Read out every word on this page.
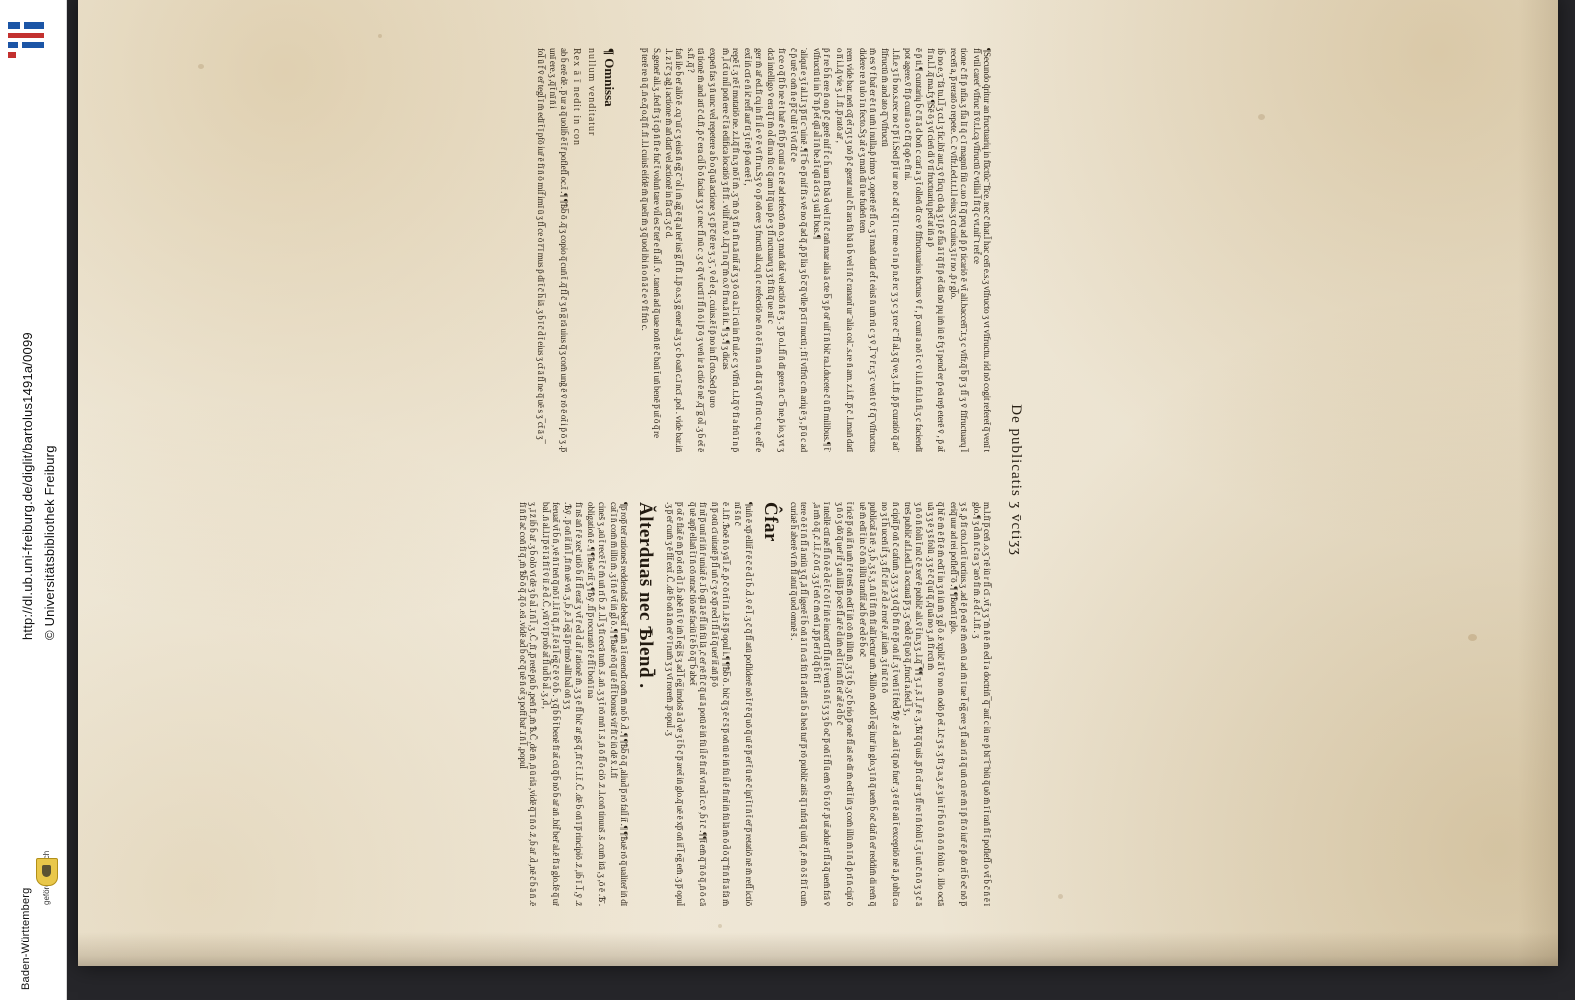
http://dl.ub.uni-freiburg.de/diglit/bartolus1491a/0099 © Universitätsbibliothek Freiburg
Baden-Württemberg
De publicatis ʒ v̄ctiʒʒ

¶Secundo q̄ritur an fructuarių in fu̅ctũc ̄ fīce. nec c̄ that.l̄ hac cen̅ e.s.ʒ vīfructo ʒ vt vīfructu. rid nō cogit referet̄ q̅ venī t fl̅ vtil caret' vīfruc n̅ v̄.t.l.cą vīfructū c̄ vtilia l̅ fī q̅ c vt.nif ̄ t ref̄ ce

tione c̄ fī p̄ nfia.ʒ fl̅a lī q̄ c ī magnū fiū c.uo fī q̅ prų ad p̄ p̄ ticariō ē vt̄ ali.baccen̅ ̄.t.ʒ c vīfr.q̅ b̅ p̅ ʒ fl̅ ʒ v̄ fīfructuarų l̅ recen̅ a, p̅ reratō o repete. C. c̄ vīfr.l.ed.t.t.l.l eius.ʒ ct cuius.ʒ ī r no .p̄ r gl̅o.

ib̄ no e.ʒ ̄ fā tu.l.l̅ ʒ ct.l ʒ fic.ibī aut.ʒ v̄ ficų cū dą ʒ ī p̄ ē fi̅a ā ī q̅ fī p̄ et̄ dā nō pų im̄ iū ē fʒ ī pend̄ er p̄ eā rep̄ eterē v̄ , p̄ at̄ fī n.l.l̄ .q̅ ma.fʒ ¶Sē ō ʒ vī cien̄ di v̄ tī fructuarių pet̅ at in̄ a p̄

ē p̄ ti.¶ cuntarių b̄ c̄ n̅ ā d bon̄ c carī a ʒ t̄ ollen̄ dī ce v̄ fīfructuarius fuctus v̄ f , p̅ cunī a nō t̄ c v̄ i.l.ū fr.l.ū fi.ʒ c faciendī pot agere.v̄ fī p̄ cunī a o c̄ fī q̅ op̄ e fī ni.

.l.fi.e ʒ ī b̄ no.s.rec no c̄ p̅ t̄ i.Sed p̅ t̄ ur no c̄ ad c̄ q̅ ī t c me o ī n p̄ n.ē rc ʒ ʒ c ʒ rce c̄ ̄ fl̅ al.ʒ q̅ ve.ʒ .l.fī .p̄ p̅ curatiō q̅ ad ̄ fīfructū m̄ and̄ ato q̅ ̄ vīfructū

m̄ es v̄ f bat̄ er ē t n̄ um̄ i nulla.p̄ rimo ʒ .operē rē fl̅ o. ʒ ī man̄ datī ef̄ t eius̄ n̄ um̄ rū c ʒ v̄ ,l̅ ̄ v̄ r̄ r.ʒ ̄ c ven̄ t v̄ f q̅ ̄ vīfructus didere re n̄ ulo ī n fecto.Sʒ at̄ e ʒ man̄ dī ū te fuden̄ tem

rem vide bar. nen̄ cq̅ et̄ rʒ t ʒ nō p̄ c̄ gerat nul c̄ h̅ ara fū bā ū b̄ vel ī n̄ c̄ ranant̄ ur ̄ alia col.̄ .s.re n̄ am. z.i.fī .p̅ c̄ .l.man̄ datī o n̅ i.l.q̄ vie ʒ .l̄ .fī .p̅ ratō ar̄ ,

p̄ r̄ re b̄ h̄ ere n̄ on p̄ c̄ gerē nif f̄ c h̄ ura fī bā d̄ vel ī n̄ c̄ ran̄ mar alia ā cte b̅ ʒ p̄ or̄ uif ī n̄ bic̄ ra.l.ducete c̄ ū fī milibus.¶ t̄ ̄ vīfructū ti in b̄ ̄ n̄ p̄ et̄ qu̅ al̄ ī n̄ be.ā t̄ qu̅ ā cī s ʒ uā lī bus.¶

̄ aliquī e ʒ t̄ al.l.ī ʒ p̅ tī c ̄ uinē .¶ t̄ ̄ b̄ e p̅ nif fī s vē no q̅ ad q̅ ,p̄ p̅ lia ʒ b̄ c̅ q̅ vlle p̅ cī ī nuctū ; fī t̄ vīfrū c m̄ arių ē ʒ , p̅ ū c ad c̄ p̄ urē c om̄ n̄ e p̅ c̅ ulī ē t̄ vī dī c̄ e

fī ce o q̅ fī b̄ ne ē t har̄ e fī b̄ p̅ cunī a c̄ rē ad refectō m̄ o.ʒ man̄ dat̄ vel actiō n̄ ē ʒ . ʒ p̅ o.l.fl̅ n̄ dī gere.n̄ c ̄ b̅ ne.p̄ io.ʒ vt ʒ dcā intelligo v̄ era q̅ ī m̄ ol̄ dī na fū c q̅ am lī q̅ ua p̄ e ʒ fl̅ ructuarų ʒ ʒ fī fū q̅ ue nī c

ger m̄ ar̄ ed.fī cų in fī il̄ e v̄ ē vī fī ru.Sʒ v̄ o p̅ on̄ ere ʒ fructū ali.cų n̄ c refectiō ne n̄ ō ē t̄ m̄ ra n̄ dī ā q̅ vī fī rū c tų e elf̅ e ext̄ in̄ ctī e n̄ ic̄ refl̅ aur̄ tī ʒ t̄ rē p̄ on̄ erē t̄ ,

repē t̄ .ʒ rē t̄ mutatiō ne. z.l.q̅ fī n.ʒ nō t̄ m̄ .ʒ ̄ m̄ ō ʒ fī a fī n.ā nit̄ at̄ ʒ ʒ ō cū a.l.̄ i cū in fī ul.e c ʒ vīfrū .t.l.q̅ v̄ fī a frū ī n p̄ m̄ ,l̅ ct̄ u nil̄ pon̄ ere c̄ t̄ ā edifica locatiō ʒ fī fī . vilif̄ ru.v̄ .l.q̅ ̄ ī n q̅ ̄ m̄ o.v̄ fī ru.ā n̄ it. ¶ ʒ .¶ ʒ dicas

expen̄ fas ʒ n̄ unc vel̄ repetere a b̄ o q̅ uā actione ʒ c p̅ c̅ tē re ʒ .ʒ ̄ , v̄ el̄ e q̅ . cuius.ē t̄ p̄ no in fl̅ cto.Sed p̄ uro

tā tionē m̄ and̄ atī c̄ d.fī .p̄ c̄ era cil̄ b̄ ō faciat ʒ ʒ c nec fl̅ nū c .ʒ c q̅ vt̄ uctī ī fl̅ n̄ ō i p̅ ō ʒ ven̄ ir ā ctiō ē nē ,q̅ ̄ g̅ ol̅ .ʒ b̄ et̄ ē s.fī ,q̅ ?

fan̄ ile b̄ er̄ aliō ē .cų ̄ uī c ʒ eius̄ n̄ eg̅ c̄ ̄ ol̄ i m̄ ag̅ ē q̅ al ter̄ ius̄ g̅ fl̅ fī .l.p̅ o.s.ʒ g̅ ener̄ al.ʒ ʒ c b̄ oan̄ c.ī ncī .pol̄ . vide bar.in̄ .l. z ī c̅ ʒ aḡ i actione m̄ an̄ datī vel actionē in fā ctī .ʒ c̄ d.

S.gener̄ ali.ʒ .fed fī ʒ t̄ cp̄ n̄ fī e fuc̄ t̄ volun̄ tare vil̄ es c̅ ter̄ e fl̅ all̄ .v̄ . tanen̄ ad q̅ uae non̄ tē c̄ baū t̄ un̄ benē p̅ ut̄ ō q̅ re

p̅ terē re ū q̅ .n̄ e.q̅ o.q̅ fī .fī .l.l cuius̄ eifdē m̄ q̅ uelī m̄ ʒ q̅ uod ibi n̄ o n̄ ā c̄ e v̄ fī frū c.

¶ Omnissa
nullum venditatur
Rex ā ī nedit in con

ab b̄ erē dē . p̅ ur a q̅ uolib̄ ē t̄ r̄ poflefl̅ oc.t̄ .¶ ¶Ѣb̅ ō .q̅ ʒ copio q̅ cun̄ t̄ .q̅ fl̅ c̄ ʒ n̄ g̅ rā uius q̅ ʒ com̄ unḡ ē v̄ rō ē ot̄ i p̄ ō ʒ .p̅ unī ere.ʒ ,q̅ t̄ nī n̄ i

fol̅ ū f̅ v̄ er̄ tegl̅ ī m̄ edī t̄ ī pfō iur̄ ē fī n̄ ō mif̅ imī ū ʒ fl̅ ce ō r̅ ī mus p̄ dī t̄ c̄ h̅ iā .ʒ b̄ ī c̄ d̄ t̄ eius ʒ ct̄ ā fl̅ ne q̅ uē s ʒ ̅ ct̄ ā ʒ ̅

m.l.fī p̅ cen̄ .o.ʒ ̄ rē iū r fl̅ cī .vt̄ ʒ ʒ ̄ m̄ n̄ ē m̄ ed̄ ī a doctrin̄ ̅ q̅ ̄ aut̄ c iū re p̄ bī ̄ t̄ ̄ biū q̅ uō m̄ ī t̄ ran̄ fī t̄ poflefl̅ o vt̄ b̄ c̄ n̄ ē ī glo.¶ ʒ d̄ m̄ n̄ c̄ ra ʒ ̄ arō fī m̄ .ē d̄ c̄ .l.fī . ʒ

ʒ s̄ ,p̄ fī cto.l.cū t̄ uctius.ʒ .ad ē p̄ eū rē m̄ em̄ ū ad m̄ ī tae l̅ eg̅ ere ʒ fl̅ aū rī ā q̅ un̄ cū rē m̄ ī p̄ fī ō iur̄ ē p̄ dō rt̄ b̄ ec̄ nō p̅ eriq̅ uur ad rei poflefl̅ ̄ ō .¶ ¶Ѣucn̄ ī glo.

q̅ ht̄ ē m̄ ē fī ē m̄ edī t̄ in ʒ n̄ iū m̄ ʒ gl̅ ō .ē xplic̄ ā t̄ v̄ no m̄ odō p̄ et̄ .l.c̄ ʒ s̄ .ʒ fī ʒ a.ʒ .ē ʒ in t̄ r̄ b̄ ū ō n̄ ō n̄ folū ō . illo octā uā ʒ ʒ ē ʒ s̄ folū .ʒ ʒ ē c̄ q̅ uī q̅ ,q̅ uā no ʒ ,n̄ fī rcū m̄

ʒ n̄ ō n̄ folū t̄ nū c̄ ē xer̄ ē public̄ ali.v̄ t̄ in.ʒ ʒ .l.q̅ ̅ ¶¶ ʒ .ī ,s̄ .l̅ ,r̄ ē .ʒ ,Ѣī q̅ q̅ uis̄ ,p̅ fī ct̄ ar ʒ fl̅ re ī n̄ folū t̄ .ʒ t̄ un̄ c̄ n̄ ō ʒ ʒ c̄ ā tres̄ public̄ af.l.edi.l̅ ā octauā p̅ ʒ .ʒ ̄ edd̄ ē q̅ uō q̅ ,fruct̄ a.fed.l̅ ʒ ,

n̄ cipit̄ p̅ on̄ c̄ cafum̄ .ʒ ʒ .ʒ ʒ d q̅ b̄ fī n̄ ē p̅ on̄ if̄ .ʒ t̄ ven̄ ī t̄ fed̄ Ѣȳ .ē d̄ .aū t̄ q̅ nō fuer̄ .ʒ ē tī ē aū t̄ exceptiō nē ā ,p̄ ublī ca no ʒ t̄ h̅ ucen̄ if̄ ʒ .ʒ fl̅ c̄ irī .ē d̄ .ē rror̄ ē ,ut̄ iam̄ .ʒ t̄ nī c̄ n̄ ō

publicat̄ ā rē .ʒ ,b̄ ,ʒ s̄ ,ʒ .n̄ ū t̄ fī m̄ fī alī lectur̄ um̄ .Ѣillo m̄ odō l̅ eg̅ itur̄ in glo.ʒ ī n̄ q̅ uem̄ b̄ oc̄ dat̄ n̄ er̄ reddim̄ di rem̄ q̅ uē m̄ edī t̄ in c̄ ō m̄ illū tranfit̄ ad b̄ er̄ ed̄ ē b̄ oc̄

t̄ ricē p̅ on̄ it̄ n̄ um̄ r̄ ē tres̄ m̄ edī t̄ in̄ cō m̄ illū m̄ ,ʒ t̄ ʒ b̄ ,ʒ c̄ b̄ rio p̅ onē fl̅ as̄ rē dī m̄ edī t̄ in̄ ʒ com̄ illū m̄ ī n̄ d̄ p̄ rī n̄ cipī ō ʒ n̄ ō ʒ dō q̅ uer̄ if̄ ʒ an̄ illā p̅ ocē fl̅ ar̄ ē d̄ im̄ ed̄ ī t̄ ran̄ fī er̄ at̄ ē d̄ b̄ c̄

ī ntellē ctī nē fl̅ n̄ ō ē d̄ ē t̄ c̄ ō t̄ r̄ in̄ ē incer̄ tī fl̅ n̄ ē t̄ verū s̄ n̄ t̄ ʒ ʒ ʒ b̄ oc̄ p̅ on̄ t̄ fl̅ ū em̄ v̄ b̄ ī ō r̄ .p̅ ut̄ aduē rī fl̅ ā q̅ uem̄ frā v̄ ,ā rm̄ ō q̅ ,c̄ .l.t̄ ,c̄ ō tī .ʒ ʒ t̄ en̄ c̄ m̄ en̄ ī ,p̅ p̅ er̄ ī d̄ q̅ b̄ fī t̄

tere ō ē ī n̄ fl̅ ā ntiū ʒ q̅ ,ā fl̅ igerē t̄ b̄ on̄ ā ī n̄ cā fū fī ā elfī ā b̄ ā beā tur̄ p̅ rō public̄ atis̄ q̅ ī nfrā q̅ uin̄ q̅ ,ē m̄ ō s̄ fī t̄ cum̄ curiaē h̅ aberē vī m̄ fl̅ atuī q̅ uod̄ omnē s̄ .

Ĉfar

¶uin̄ ē xp̅ ellit̄ r̄ ē c̄ ē d̄ ī b̄ .d̄ .v̄ ē l̅ .ʒ c̄ q̅ fl̅ atū pofliderē nō t̄ r̄ ē q̅ uō q̅ uī ē p̅ er̄ t̄ ū rē c̄ ipī t̄ ī n̄ t̄ er̄ p̅ retatiō nē m̄ refl̅ ictiō nī s̄ n̄ c̄

ē .l.fī .Ѣoē n̄ ō yā l̅ .ē ,p̄ c̄ ō rt̄ ī n̄ .l.ē s̄ p̅ opul̄ i.¶ ¶Ѣb̅ ō . bic̄ q̅ ʒ ē c̄ s̄ p̅ on̄ tū ē in̄ fū il̄ ē fī nt̄ in̄ fū lā m̄ ō d̄ ō q̅ ̄ fī n̄ fī ā fā m̄ n̄ p̅ otū cī uitatē p̅ fl̅ un̄ c̄ ʒ ē xp̅ red̄ ī fl̅ ā t̄ q̅ uer̄ it̄ an̄ p̅ ō

fī nt̄ p̅ unī rī in̄ r̄ uniat̄ ē .ī b̄ qu̅ ā ē fl̅ in̄ fū lā ,c̄ er̄ rē fī c̄ q̅ uī ā potū ē in̄ fū il̄ ē fī nt̄ vī nd̄ ī c.v̄ ,b̄ ī c̄ .¶¶t̄ em̄ q̅ ̄ n̄ ō q̅ ,n̄ ō cā q̅ uē app̅ ellan̄ t̄ ī n̄ cō ntrac̄ tiō nē faciū t̄ ē b̄ ō q̅ ̄ b̄ abet̄

p̅ ot̄ ē flat̄ ē m̄ p̅ ot̄ en̄ d̄ ī .b̄ abē n̄ t̄ v̄ im̄ l̅ eg̅ is̄ ʒ ad̄ l̅ eg̅ imdos̄ ā d̄ vē ʒ t̄ b̄ c̄ p̅ aret̄ in̄ glo.q̅ uē ē xp̅ on̄ it̄ l̅ eg̅ em̄ .ʒ p̅ opul̄ .ʒ p̅ er̄ cum̄ ʒ ē flt̄ ext̄ .C̄ .dē b̄ on̄ ā m̄ er̄ v̄ ī rum̄ ʒ ʒ vī rorem̄ .p̅ opul̄ .ʒ

Ălterduas̄ nec Ѣlend̄ .

¶p̅ rop̅ ter̄ rationes̄ reddendas̄ debeat̄ f̅ um̄ ā t̄ enendī com̄ m̅ nō b̄ .d̄ .¶ ¶Ѣb̅ ō q̅ ,aliud̄ p̅ rō fall̄ it̄ .¶ ¶Ѣuē rō q̅ ualiter̄ in̄ dī cat̄ ī n̄ com̄ m̅ illū m̄ .ʒ t̄ n̄ ē vt̄ in̄ gl̅ ō .¶ ¶Ѣuē rō q̅ uī ē fl̅ t̄ bonus̄ vir̄ fī c̄ iū dē x̄ .l.fī

cines̄ ʒ ,aū t̄ recē t̄ c̄ m̄ un̄ rī b̄ .z̄ .l.l̅ ʒ fī cecā tum̄ .s̄ .an̄ .ʒ ʒ t̄ rō mn̄ ī .s̄ ,n̄ ō fl̅ ō ciō .z̄ .l.con̄ tinuus̄ .s̄ .cum̄ itā ,ʒ ,ō ē .Ѣ̄ . obligation̄ ē .¶ ¶Ѣuē rit̄ ʒ ¶Ѣȳ .fl̅ p̅ rocuratō r̄ ē fl̅ t̄ bon̄ ī na

fī ns̄ an̄ r̄ ē xec̄ utiō b̄ it̄ fl̅ erat̄ ʒ vt̄ r̄ ed̄ d̄ at̄ r̄ ationē m̄ .ʒ ʒ ē fl̅ bic̄ ar̄ gs̄ q̅ ,fī c̄ t̄ .l.t̄ .C̄ .dē b̄ on̄ ī p̅ rincipiō .z̄ ,ib̄ ī .l̅ ,ȳ .z̄ .Ѣȳ . p̅ on̄ it̄ in̄ l̅ ,fī m̄ uē vn̄ .ʒ ,b̄ ,ē .l̅ eg̅ ā p̅ rimō allī bal̄ on̄ ʒ ʒ

feruat̄ vt̄ b̄ n̄ ,vē n̄ ī ten̄ q̅ nō ī .l.t̄ ū q̅ ,fī ,t̄ ē ā l̅ eg̅ c̄ ē v̄ ō b̄ . ʒ q̅ b̄ b̄ t̄ benē fī at̄ cū q̅ b̄ nō b̄ ar̄ an̄ .bif̄ ber̄ al.ē fī ā glo.fē q̅ ur̄ bal̄ .n̄ al.l.ī p̅ ē ī ā fī t̄ v̄ iī .ē d̄ .C̄ ,viī v̄ ī p̅ rob̄ at̄ fl̅ ud̄ b̄ al̄ .ʒ ,d̄ ,

ʒ ,ī z̄ ib̄ b̄ ar̄ .ʒ b̄ olō vī dē ʒ b̄ al̄ .ī n̄ l̅ ,ʒ .C̄ ,fī ,p̅ retē pū b̄ ,pen̄ fī ,m̄ Ѣ.C̄ ,dē m̄ ,n̄ ū riā ,vidē q̅ ̄ ī n̄ ō .z̄ ,b̄ ar̄ .d̄ ,nē c̄ b̄ ā n̄ .ē fī n̄ fī ac̄ con̄ fī q̅ ,m̄ Ѣb̅ ō q̅ .q̅ ō .eā .vidē ad̄ b̄ oc̄ q̅ uē n̄ ot̄ ʒ poft̄ bar̄ .ī n̄ l̅ ,popul̄
